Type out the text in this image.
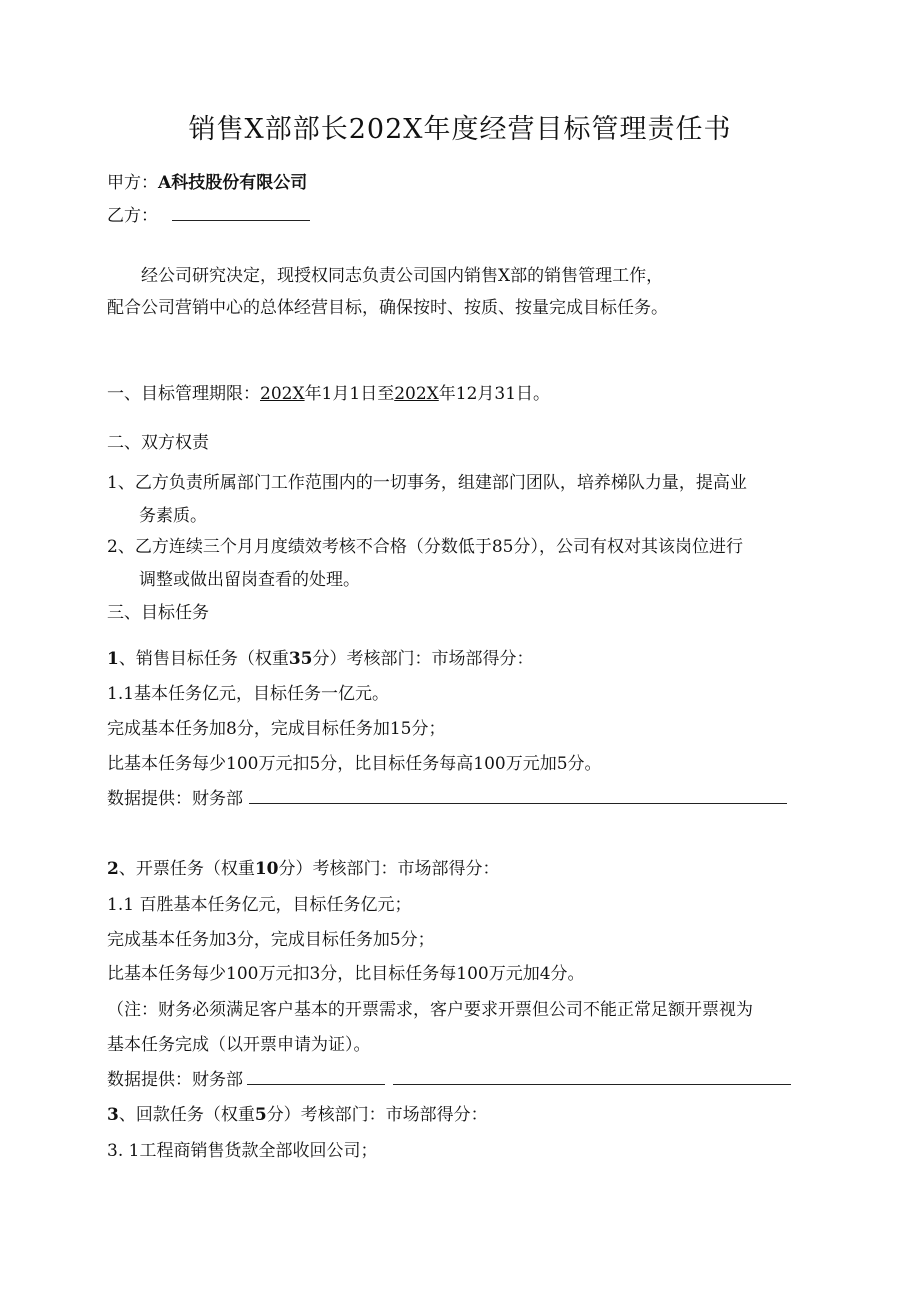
销售X部部长202X年度经营目标管理责任书
甲方：A科技股份有限公司
乙方：
经公司研究决定，现授权同志负责公司国内销售X部的销售管理工作，
配合公司营销中心的总体经营目标，确保按时、按质、按量完成目标任务。
一、目标管理期限：202X年1月1日至202X年12月31日。
二、双方权责
1、乙方负责所属部门工作范围内的一切事务，组建部门团队，培养梯队力量，提高业
务素质。
2、乙方连续三个月月度绩效考核不合格（分数低于85分），公司有权对其该岗位进行
调整或做出留岗查看的处理。
三、目标任务
1、销售目标任务（权重35分）考核部门：市场部得分：
1.1基本任务亿元，目标任务一亿元。
完成基本任务加8分，完成目标任务加15分；
比基本任务每少100万元扣5分，比目标任务每高100万元加5分。
数据提供：财务部
2、开票任务（权重10分）考核部门：市场部得分：
1.1 百胜基本任务亿元，目标任务亿元；
完成基本任务加3分，完成目标任务加5分；
比基本任务每少100万元扣3分，比目标任务每100万元加4分。
（注：财务必须满足客户基本的开票需求，客户要求开票但公司不能正常足额开票视为
基本任务完成（以开票申请为证）。
数据提供：财务部
3、回款任务（权重5分）考核部门：市场部得分：
3. 1工程商销售货款全部收回公司；
